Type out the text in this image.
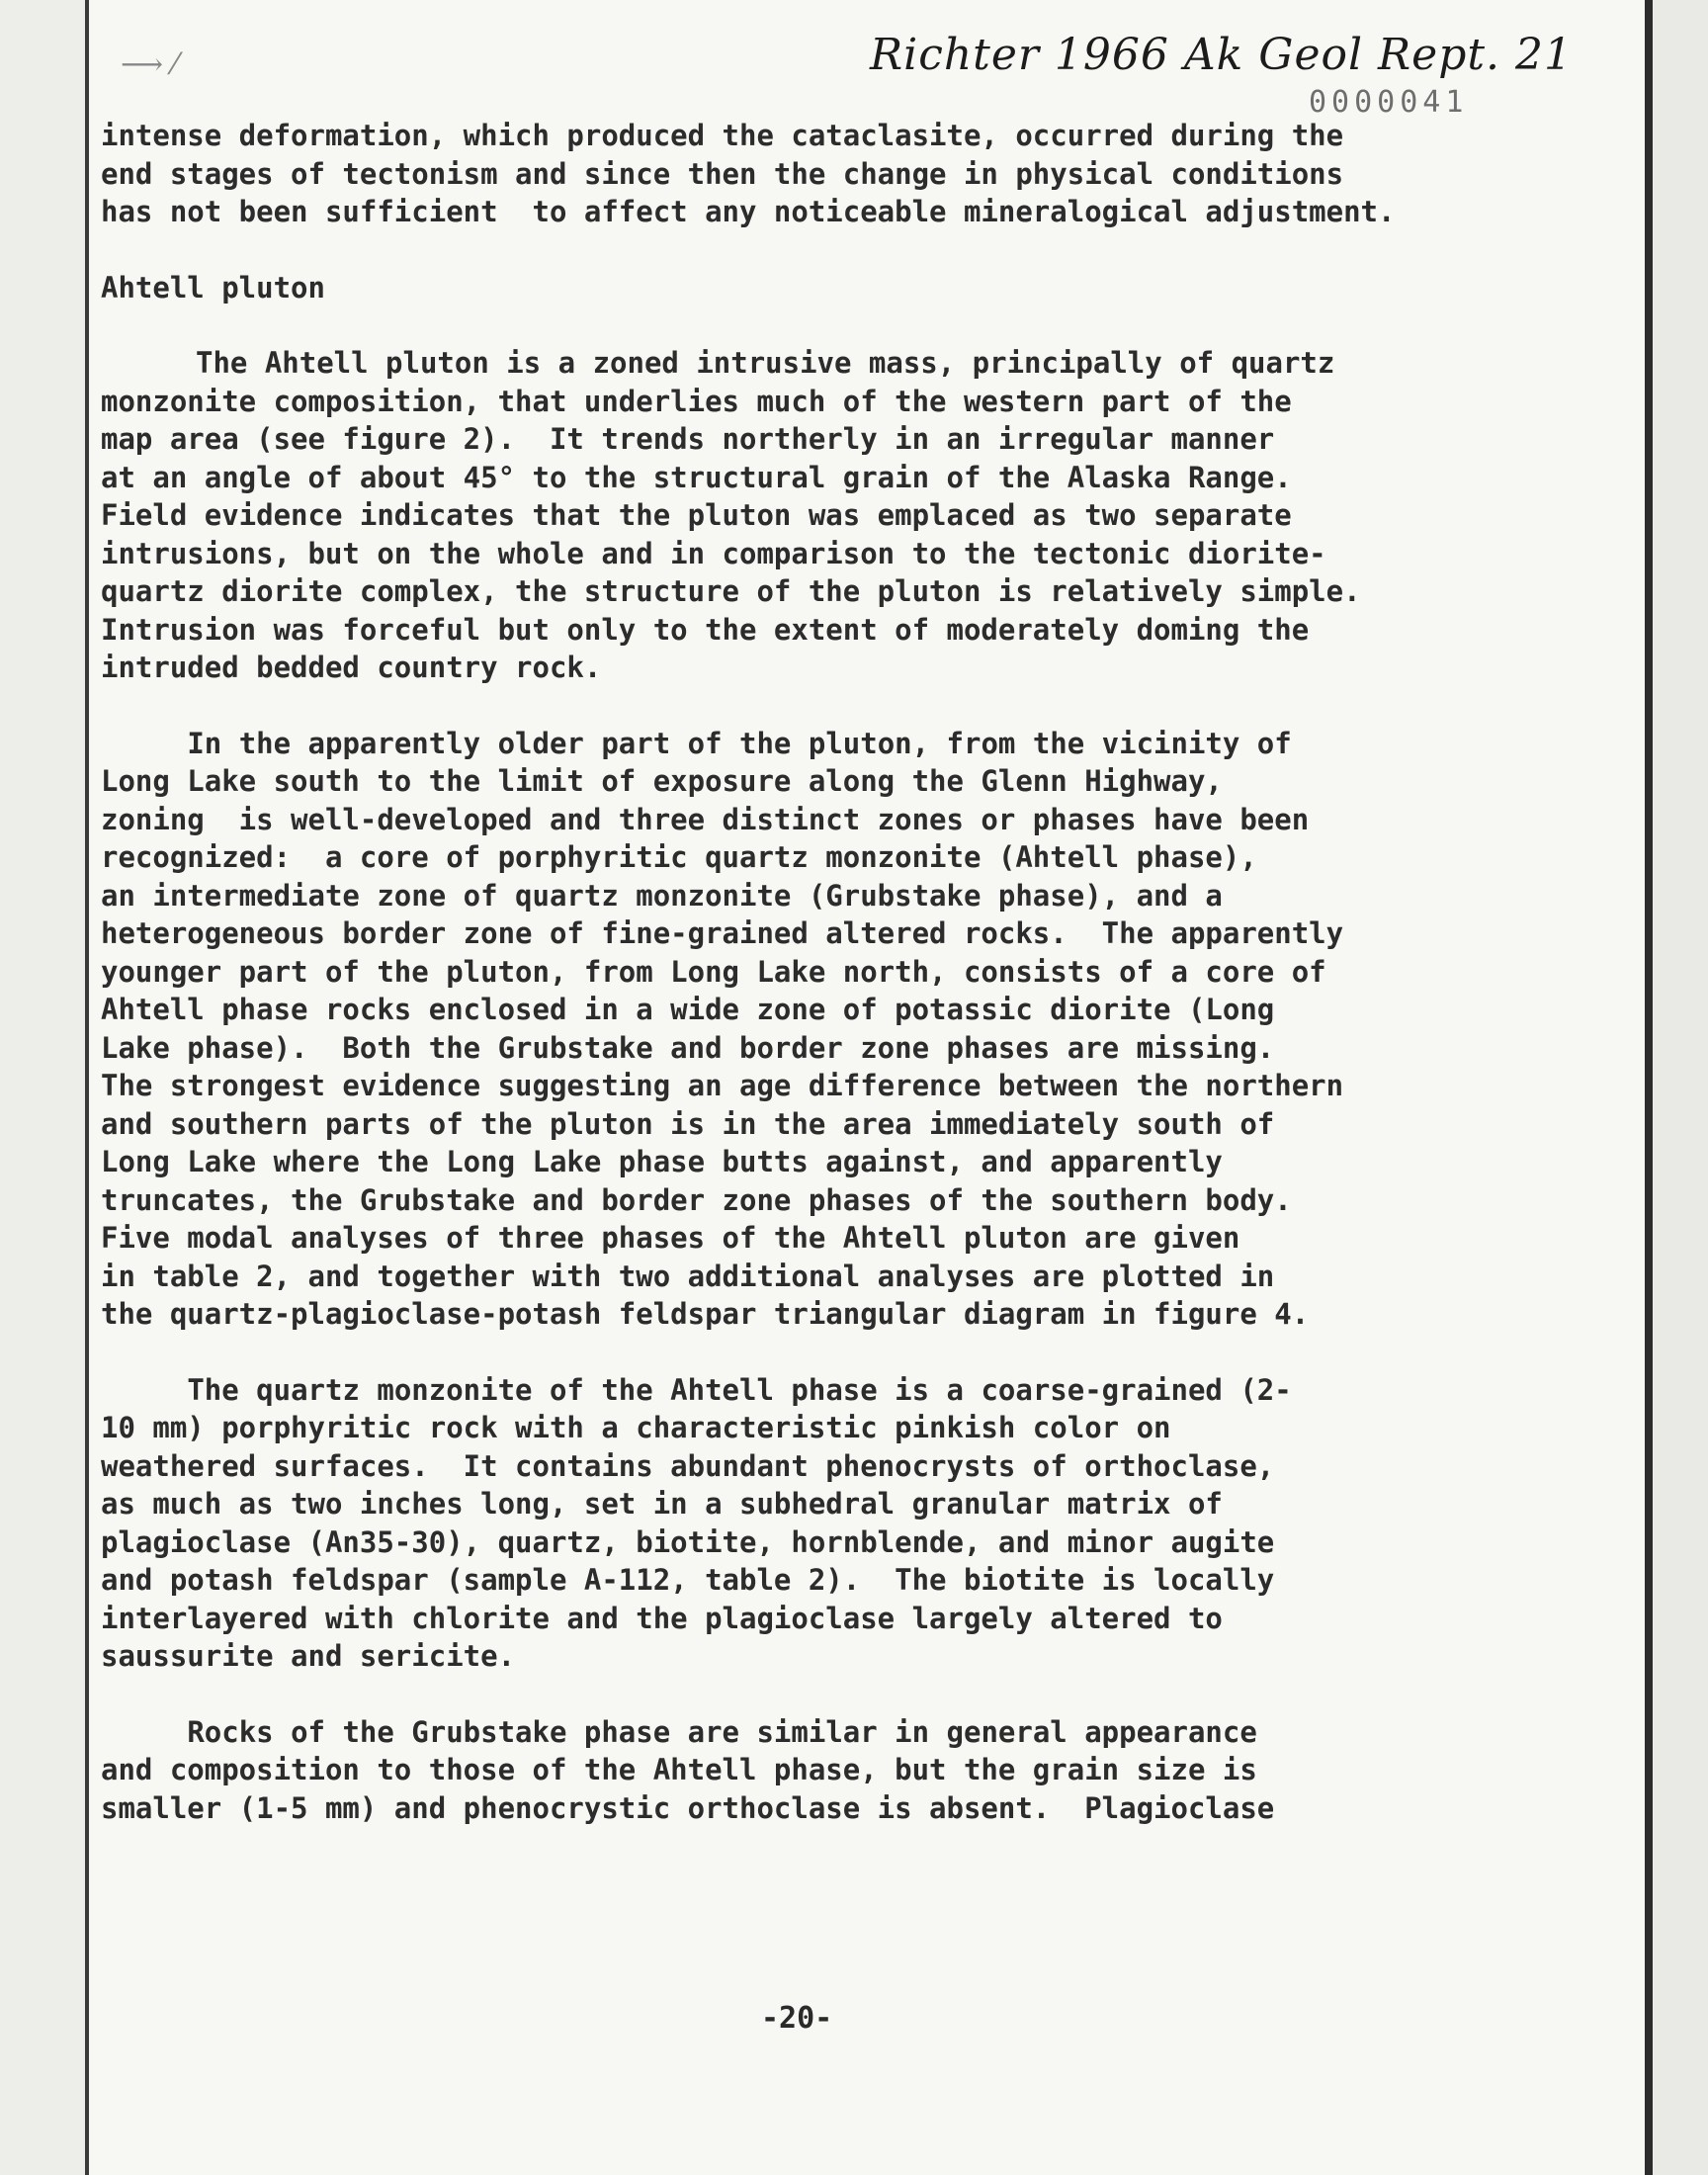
⟶ ⁄	Richter 1966 Ak Geol Rept. 21
0000041

intense deformation, which produced the cataclasite, occurred during the
end stages of tectonism and since then the change in physical conditions
has not been sufficient  to affect any noticeable mineralogical adjustment.

Ahtell pluton

The Ahtell pluton is a zoned intrusive mass, principally of quartz
monzonite composition, that underlies much of the western part of the
map area (see figure 2).  It trends northerly in an irregular manner
at an angle of about 45° to the structural grain of the Alaska Range.
Field evidence indicates that the pluton was emplaced as two separate
intrusions, but on the whole and in comparison to the tectonic diorite-
quartz diorite complex, the structure of the pluton is relatively simple.
Intrusion was forceful but only to the extent of moderately doming the
intruded bedded country rock.

In the apparently older part of the pluton, from the vicinity of
Long Lake south to the limit of exposure along the Glenn Highway,
zoning  is well-developed and three distinct zones or phases have been
recognized:  a core of porphyritic quartz monzonite (Ahtell phase),
an intermediate zone of quartz monzonite (Grubstake phase), and a
heterogeneous border zone of fine-grained altered rocks.  The apparently
younger part of the pluton, from Long Lake north, consists of a core of
Ahtell phase rocks enclosed in a wide zone of potassic diorite (Long
Lake phase).  Both the Grubstake and border zone phases are missing.
The strongest evidence suggesting an age difference between the northern
and southern parts of the pluton is in the area immediately south of
Long Lake where the Long Lake phase butts against, and apparently
truncates, the Grubstake and border zone phases of the southern body.
Five modal analyses of three phases of the Ahtell pluton are given
in table 2, and together with two additional analyses are plotted in
the quartz-plagioclase-potash feldspar triangular diagram in figure 4.

The quartz monzonite of the Ahtell phase is a coarse-grained (2-
10 mm) porphyritic rock with a characteristic pinkish color on
weathered surfaces.  It contains abundant phenocrysts of orthoclase,
as much as two inches long, set in a subhedral granular matrix of
plagioclase (An35-30), quartz, biotite, hornblende, and minor augite
and potash feldspar (sample A-112, table 2).  The biotite is locally
interlayered with chlorite and the plagioclase largely altered to
saussurite and sericite.

Rocks of the Grubstake phase are similar in general appearance
and composition to those of the Ahtell phase, but the grain size is
smaller (1-5 mm) and phenocrystic orthoclase is absent.  Plagioclase

-20-
